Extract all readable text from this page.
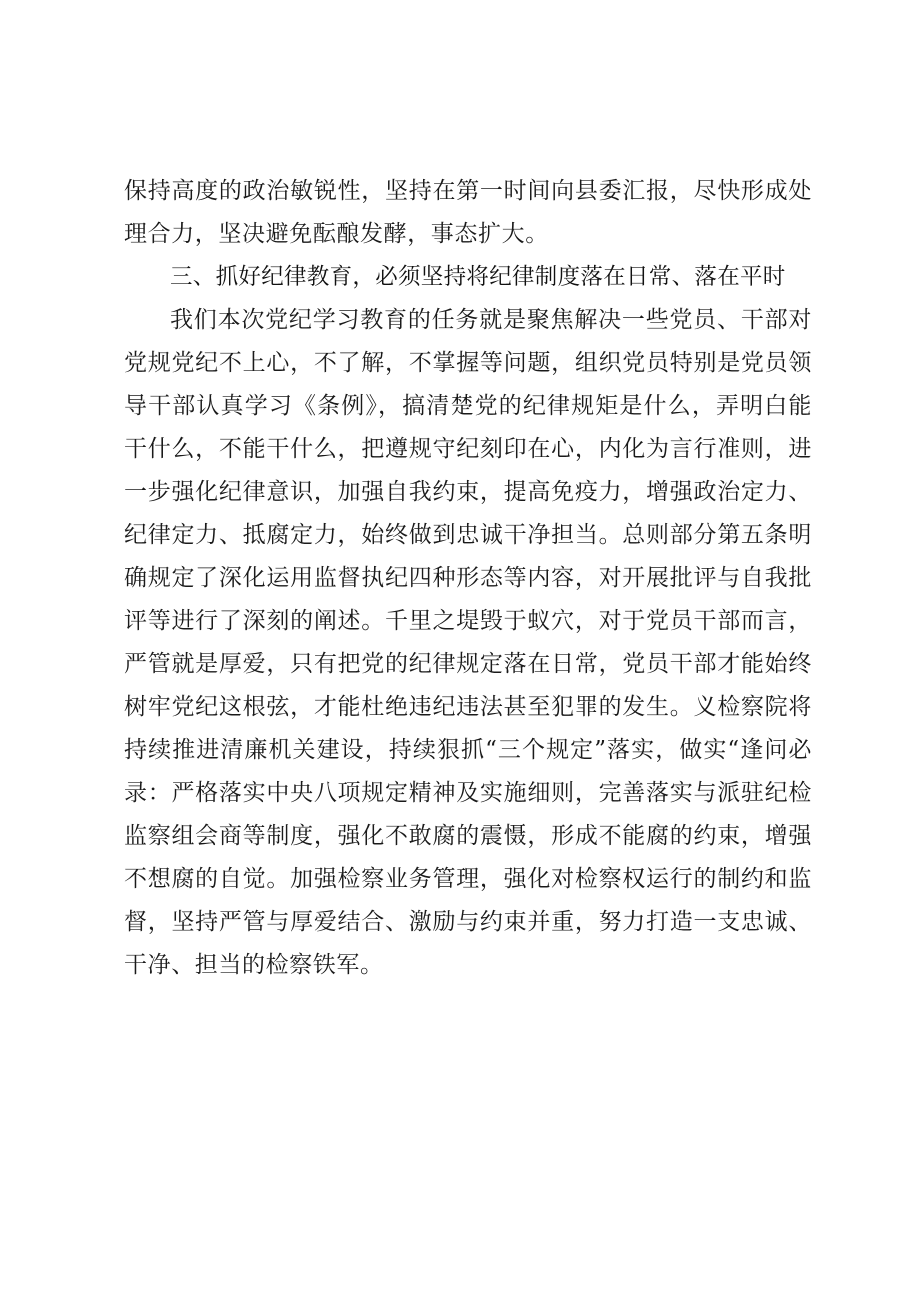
保持高度的政治敏锐性，坚持在第一时间向县委汇报，尽快形成处理合力，坚决避免酝酿发酵，事态扩大。

三、抓好纪律教育，必须坚持将纪律制度落在日常、落在平时

我们本次党纪学习教育的任务就是聚焦解决一些党员、干部对党规党纪不上心，不了解，不掌握等问题，组织党员特别是党员领导干部认真学习《条例》，搞清楚党的纪律规矩是什么，弄明白能干什么，不能干什么，把遵规守纪刻印在心，内化为言行准则，进一步强化纪律意识，加强自我约束，提高免疫力，增强政治定力、纪律定力、抵腐定力，始终做到忠诚干净担当。总则部分第五条明确规定了深化运用监督执纪四种形态等内容，对开展批评与自我批评等进行了深刻的阐述。千里之堤毁于蚁穴，对于党员干部而言，严管就是厚爱，只有把党的纪律规定落在日常，党员干部才能始终树牢党纪这根弦，才能杜绝违纪违法甚至犯罪的发生。义检察院将持续推进清廉机关建设，持续狠抓“三个规定”落实，做实“逢问必录：严格落实中央八项规定精神及实施细则，完善落实与派驻纪检监察组会商等制度，强化不敢腐的震慑，形成不能腐的约束，增强不想腐的自觉。加强检察业务管理，强化对检察权运行的制约和监督，坚持严管与厚爱结合、激励与约束并重，努力打造一支忠诚、干净、担当的检察铁军。
